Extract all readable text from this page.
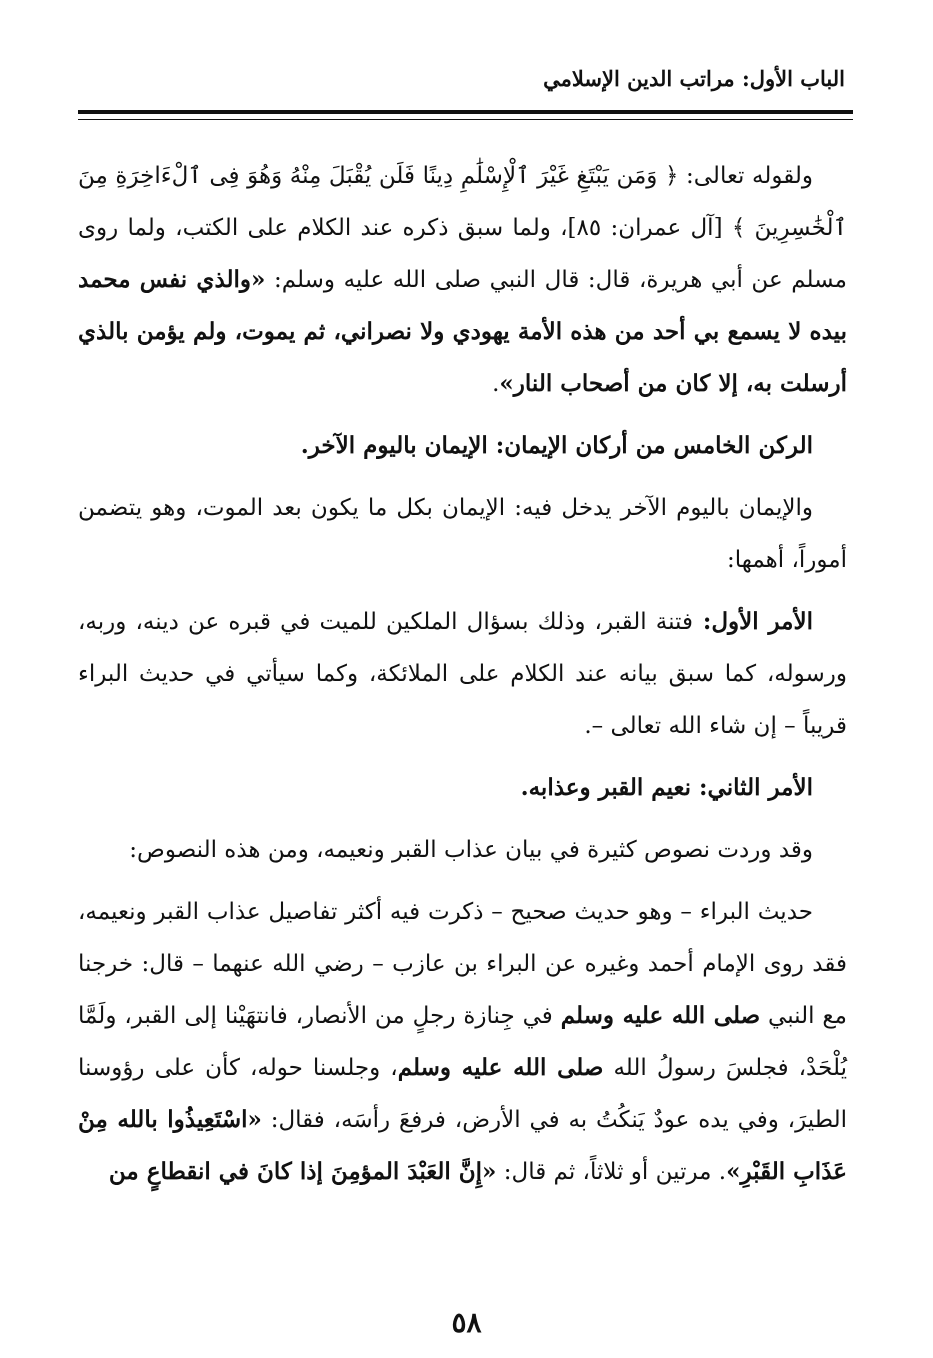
الباب الأول: مراتب الدين الإسلامي

ولقوله تعالى: ﴿ وَمَن يَبْتَغِ غَيْرَ ٱلْإِسْلَٰمِ دِينًا فَلَن يُقْبَلَ مِنْهُ وَهُوَ فِى ٱلْءَاخِرَةِ مِنَ ٱلْخَٰسِرِينَ ﴾ [آل عمران: ٨٥]، ولما سبق ذكره عند الكلام على الكتب، ولما روى مسلم عن أبي هريرة، قال: قال النبي صلى الله عليه وسلم: «والذي نفس محمد بيده لا يسمع بي أحد من هذه الأمة يهودي ولا نصراني، ثم يموت، ولم يؤمن بالذي أرسلت به، إلا كان من أصحاب النار».

الركن الخامس من أركان الإيمان: الإيمان باليوم الآخر.

والإيمان باليوم الآخر يدخل فيه: الإيمان بكل ما يكون بعد الموت، وهو يتضمن أموراً، أهمها:

الأمر الأول: فتنة القبر، وذلك بسؤال الملكين للميت في قبره عن دينه، وربه، ورسوله، كما سبق بيانه عند الكلام على الملائكة، وكما سيأتي في حديث البراء قريباً – إن شاء الله تعالى –.

الأمر الثاني: نعيم القبر وعذابه.

وقد وردت نصوص كثيرة في بيان عذاب القبر ونعيمه، ومن هذه النصوص:

حديث البراء – وهو حديث صحيح – ذكرت فيه أكثر تفاصيل عذاب القبر ونعيمه، فقد روى الإمام أحمد وغيره عن البراء بن عازب – رضي الله عنهما – قال: خرجنا مع النبي صلى الله عليه وسلم في جِنازة رجلٍ من الأنصار، فانتهَيْنا إلى القبر، ولَمَّا يُلْحَدْ، فجلسَ رسولُ الله صلى الله عليه وسلم، وجلسنا حوله، كأن على رؤوسنا الطيرَ، وفي يده عودٌ يَنكُتُ به في الأرض، فرفعَ رأسَه، فقال: «اسْتَعِيذُوا بالله مِنْ عَذَابِ القَبْرِ». مرتين أو ثلاثاً، ثم قال: «إِنَّ العَبْدَ المؤمِنَ إذا كانَ في انقطاعٍ من

٥٨
